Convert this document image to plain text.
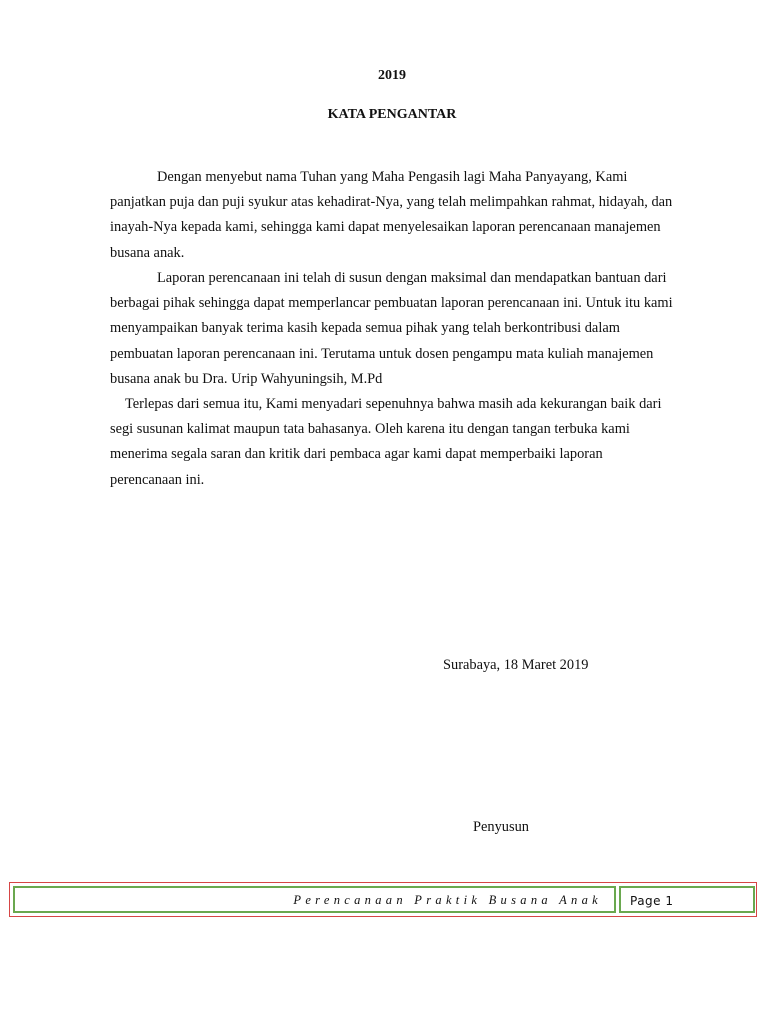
2019
KATA PENGANTAR

Dengan menyebut nama Tuhan yang Maha Pengasih lagi Maha Panyayang, Kami panjatkan puja dan puji syukur atas kehadirat-Nya, yang telah melimpahkan rahmat, hidayah, dan inayah-Nya kepada kami, sehingga kami dapat menyelesaikan laporan perencanaan manajemen busana anak.

Laporan perencanaan ini telah di susun dengan maksimal dan mendapatkan bantuan dari berbagai pihak sehingga dapat memperlancar pembuatan laporan perencanaan ini. Untuk itu kami menyampaikan banyak terima kasih kepada semua pihak yang telah berkontribusi dalam pembuatan laporan perencanaan ini. Terutama untuk dosen pengampu mata kuliah manajemen busana anak bu Dra. Urip Wahyuningsih, M.Pd

Terlepas dari semua itu, Kami menyadari sepenuhnya bahwa masih ada kekurangan baik dari segi susunan kalimat maupun tata bahasanya. Oleh karena itu dengan tangan terbuka kami menerima segala saran dan kritik dari pembaca agar kami dapat memperbaiki laporan perencanaan ini.

Surabaya, 18 Maret 2019
Penyusun
Perencanaan Praktik Busana Anak Page 1
